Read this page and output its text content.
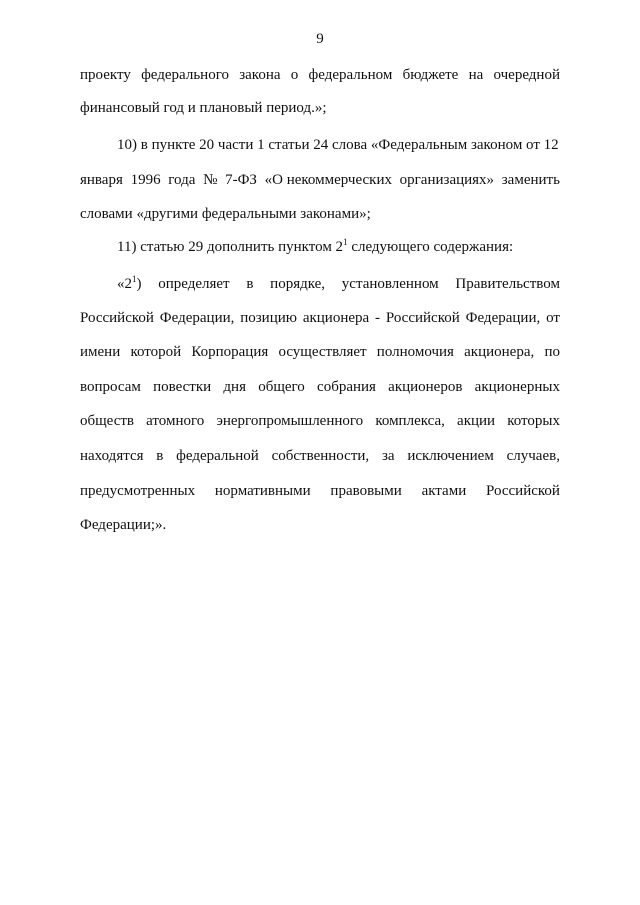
9
проекту федерального закона о федеральном бюджете на очередной
финансовый год и плановый период.»;
10) в пункте 20 части 1 статьи 24 слова «Федеральным законом от 12
января 1996 года № 7-ФЗ «О некоммерческих организациях» заменить
словами «другими федеральными законами»;
11) статью 29 дополнить пунктом $2^1$ следующего содержания:
«$2^1$) определяет в порядке, установленном Правительством
Российской Федерации, позицию акционера - Российской Федерации, от
имени которой Корпорация осуществляет полномочия акционера, по
вопросам повестки дня общего собрания акционеров акционерных
обществ атомного энергопромышленного комплекса, акции которых
находятся в федеральной собственности, за исключением случаев,
предусмотренных нормативными правовыми актами Российской
Федерации;».
